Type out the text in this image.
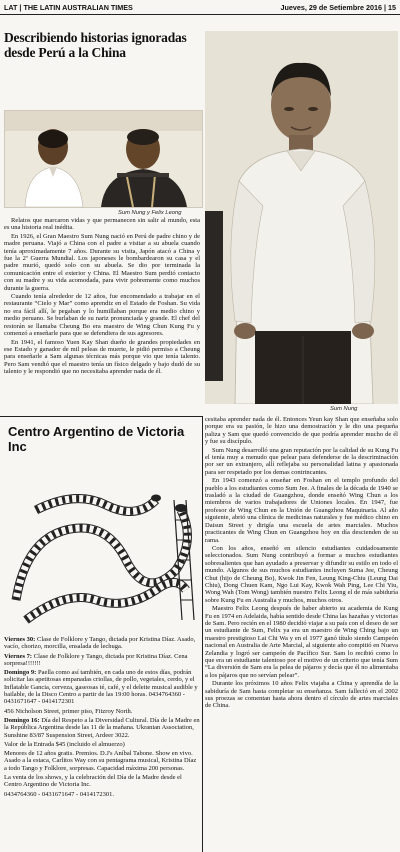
LAT | THE LATIN AUSTRALIAN TIMES	Jueves, 29 de Setiembre 2016 | 15
Describiendo historias ignoradas desde Perú a la China
Sum Nung y Felix Leong
Sum Nung

Relatos que marcaron vidas y que permanecen sin salir al mundo, esta es una historia real inédita.

En 1926, el Gran Maestro Sum Nung nació en Perú de padre chino y de madre peruana. Viajó a China con el padre a visitar a su abuela cuando tenía aproximadamente 7 años. Durante su visita, Japón atacó a China y fue la 2ª Guerra Mundial. Los japoneses le bombardearon su casa y el padre murió, quedó solo con su abuela. Se dio por terminada la comunicación entre el exterior y China. El Maestro Sum perdió contacto con su madre y su vida acomodada, para vivir pobremente como muchos durante la guerra.

Cuando tenía alrededor de 12 años, fue encomendado a trabajar en el restaurante “Cielo y Mar” como aprendiz en el Estado de Foshan. Su vida no era fácil allí, le pegaban y lo humillaban porque era medio chino y medio peruano. Se burlaban de su nariz pronunciada y grande. El chef del restorán se llamaba Cheung Bo era maestro de Wing Chun Kung Fu y comenzó a enseñarle para que se defendiera de sus agresores.

En 1941, el famoso Yuen Kay Shan dueño de grandes propiedades en ese Estado y ganador de mil peleas de muerte, le pidió permiso a Cheung para enseñarle a Sam algunas técnicas más porque vio que tenía talento. Pero Sam vendió que el maestro tenía un físico delgado y bajo dudó de su talento y le respondió que no necesitaba aprender nada de él.

cesitaba aprender nada de él. Entonces Yeun kay Shan que enseñaba solo porque era su pasión, le hizo una demostración y le dio una pequeña paliza y Sam que quedó convencido de que podría aprender mucho de él y fue su discípulo.

Sum Nung desarrolló una gran reputación por la calidad de su Kung Fu el tenía muy a menudo que pelear para defenderse de la descriminación por ser un extranjero, allí reflejaba su personalidad latina y apasionada para ser respetado por los demas contrincantes.

En 1943 comenzó a enseñar en Foshan en el templo profundo del pueblo a los estudiantes como Sum Jee. A finales de la década de 1940 se trasladó a la ciudad de Guangzhou, donde enseñó Wing Chun a los miembros de varios trabajadores de Uniones locales. En 1947, fue profesor de Wing Chun en la Unión de Guangzhou Maquinaria. Al año siguiente, abrió una clínica de medicinas naturales y fue médico chino en Daisun Street y dirigía una escuela de artes marciales. Muchos practicantes de Wing Chun en Guangzhou hoy en día descienden de su rama.

Con los años, enseñó en silencio estudiantes cuidadosamente seleccionados. Sum Nung contribuyó a formar a muchos estudiantes sobresalientes que han ayudado a preservar y difundir su estilo en todo el mundo. Algunos de sus muchos estudiantes incluyen Suma Jee, Cheung Chut (hijo de Cheung Bo), Kwok Jin Fen, Leung King-Chiu (Leung Dai Chiu), Dong Chuen Kam, Ngo Lui Kay, Kwok Wah Ping, Lee Chi Yiu, Wong Wah (Tom Wong) también nuestro Felix Leong el de más sabiduría sobre Kung Fu en Australia y muchos, muchos otros.

Maestro Felix Leong después de haber abierto su academia de Kung Fu en 1974 en Adelaida, había sentido desde China las hazañas y victorias de Sam. Pero recién en el 1980 decidió viajar a su país con el deseo de ser un estudiante de Sum, Felix ya era un maestro de Wing Ching bajo un maestro prestigioso Lai Chi Wa y en el 1977 ganó título siendo Campeón nacional en Australia de Arte Marcial, al siguiente año compitió en Nueva Zelandia y logró ser campeón de Pacífico Sur. Sam lo recibió como lo que era un estudiante talentoso por el motivo de un criterio que tenía Sum “La diversión de Sam era la pelea de pájaros y decía que él no alimentaba a los pájaros que no servían pelear”.

Durante los próximos 10 años Felix viajaba a China y aprendía de la sabiduría de Sam hasta completar su enseñanza. Sam falleció en el 2002 sus proezas se comentan hasta ahora dentro el círculo de artes marciales de China.

Centro Argentino de Victoria Inc

Viernes 30: Clase de Folklore y Tango, dictada por Kristina Díaz. Asado, vacío, chorizo, morcilla, ensalada de lechuga.

Viernes 7: Clase de Folklore y Tango, dictada por Kristina Díaz. Cena sorpresa!!!!!!!

Domingo 9: Paella como así también, en cada uno de estos días, podrán solicitar las apetitosas empanadas criollas, de pollo, vegetales, cerdo, y el Inflatable Gancia, cerveza, gaseosas té, café, y el deleite musical audible y bailable, de la Disco Centro a partir de las 19:00 horas. 0434764360 - 0431671647 - 0414172301

456 Nicholson Street, primer piso, Fitzroy North.

Domingo 16: Día del Respeto a la Diversidad Cultural. Día de la Madre en la República Argentina desde las 11 de la mañana. Ukranian Association, Sunshine 83/87 Suspension Street, Ardeer 3022.

Valor de la Entrada $45 (incluido el almuerzo)

Menores de 12 años gratis. Premios. D.J's Aníbal Tabone. Show en vivo. Asado a la estaca, Carlitos Way con su pentagrama musical, Kristina Díaz a todo Tango y Folklore, sorpresas. Capacidad máxima 200 personas.

La venta de los shows, y la celebración del Día de la Madre desde el Centro Argentino de Victoria Inc.

0434764360 - 0431671647 - 0414172301.
